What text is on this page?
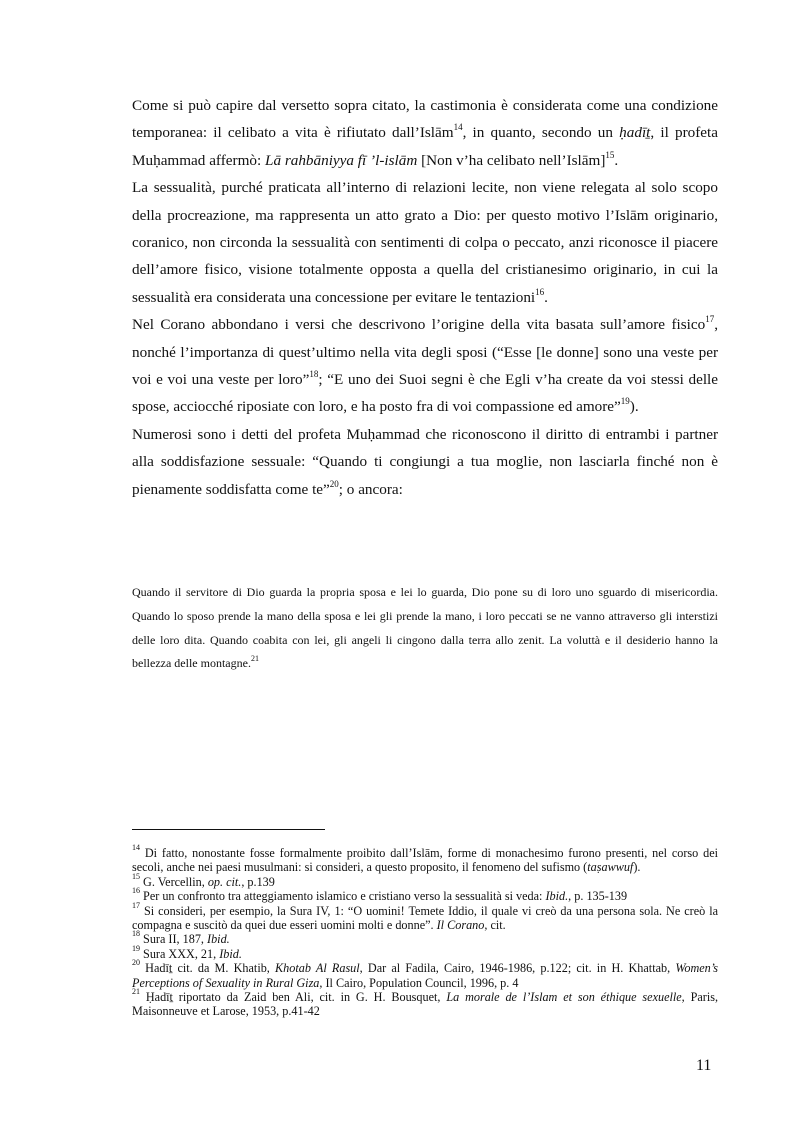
Come si può capire dal versetto sopra citato, la castimonia è considerata come una condizione temporanea: il celibato a vita è rifiutato dall’Islām$^{14}$, in quanto, secondo un ḥadīṯ, il profeta Muḥammad affermò: Lā rahbāniyya fī ’l-islām [Non v’ha celibato nell’Islām]$^{15}$.

La sessualità, purché praticata all’interno di relazioni lecite, non viene relegata al solo scopo della procreazione, ma rappresenta un atto grato a Dio: per questo motivo l’Islām originario, coranico, non circonda la sessualità con sentimenti di colpa o peccato, anzi riconosce il piacere dell’amore fisico, visione totalmente opposta a quella del cristianesimo originario, in cui la sessualità era considerata una concessione per evitare le tentazioni$^{16}$.

Nel Corano abbondano i versi che descrivono l’origine della vita basata sull’amore fisico$^{17}$, nonché l’importanza di quest’ultimo nella vita degli sposi (“Esse [le donne] sono una veste per voi e voi una veste per loro”$^{18}$; “E uno dei Suoi segni è che Egli v’ha create da voi stessi delle spose, acciocché riposiate con loro, e ha posto fra di voi compassione ed amore”$^{19}$).

Numerosi sono i detti del profeta Muḥammad che riconoscono il diritto di entrambi i partner alla soddisfazione sessuale: “Quando ti congiungi a tua moglie, non lasciarla finché non è pienamente soddisfatta come te”$^{20}$; o ancora:

Quando il servitore di Dio guarda la propria sposa e lei lo guarda, Dio pone su di loro uno sguardo di misericordia. Quando lo sposo prende la mano della sposa e lei gli prende la mano, i loro peccati se ne vanno attraverso gli interstizi delle loro dita. Quando coabita con lei, gli angeli li cingono dalla terra allo zenit. La voluttà e il desiderio hanno la bellezza delle montagne.$^{21}$

$^{14}$ Di fatto, nonostante fosse formalmente proibito dall’Islām, forme di monachesimo furono presenti, nel corso dei secoli, anche nei paesi musulmani: si consideri, a questo proposito, il fenomeno del sufismo (taṣawwuf).

$^{15}$ G. Vercellin, op. cit., p.139

$^{16}$ Per un confronto tra atteggiamento islamico e cristiano verso la sessualità si veda: Ibid., p. 135-139

$^{17}$ Si consideri, per esempio, la Sura IV, 1: “O uomini! Temete Iddio, il quale vi creò da una persona sola. Ne creò la compagna e suscitò da quei due esseri uomini molti e donne”. Il Corano, cit.

$^{18}$ Sura II, 187, Ibid.

$^{19}$ Sura XXX, 21, Ibid.

$^{20}$ Hadīṯ cit. da M. Khatib, Khotab Al Rasul, Dar al Fadila, Cairo, 1946-1986, p.122; cit. in H. Khattab, Women’s Perceptions of Sexuality in Rural Giza, Il Cairo, Population Council, 1996, p. 4

$^{21}$ Ḥadīṯ riportato da Zaid ben Ali, cit. in G. H. Bousquet, La morale de l’Islam et son éthique sexuelle, Paris, Maisonneuve et Larose, 1953, p.41-42

11
